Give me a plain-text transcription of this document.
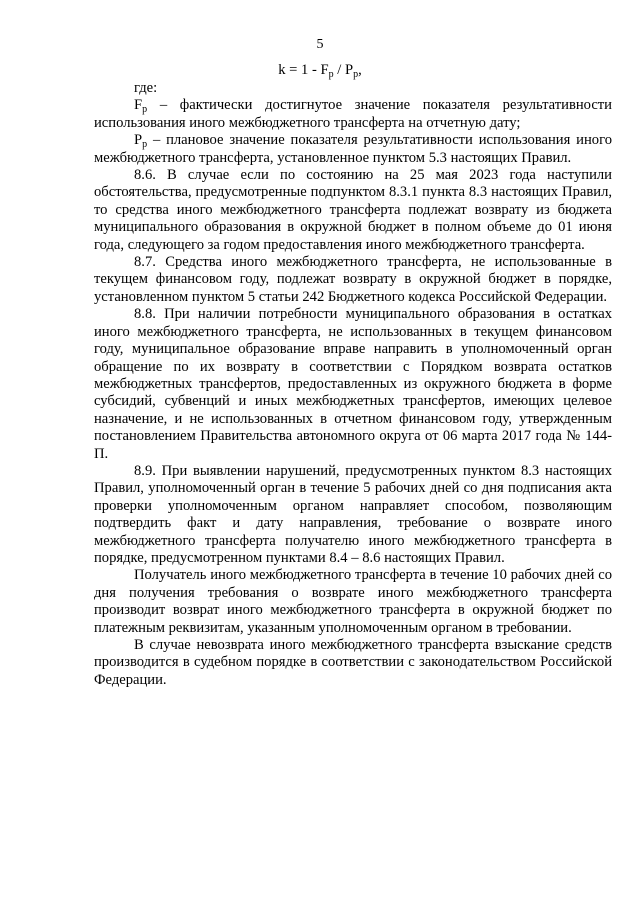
5
$k = 1 - F_р / P_р$,

где:

$F_р$ – фактически достигнутое значение показателя результативности использования иного межбюджетного трансферта на отчетную дату;

$P_р$ – плановое значение показателя результативности использования иного межбюджетного трансферта, установленное пунктом 5.3 настоящих Правил.

8.6. В случае если по состоянию на 25 мая 2023 года наступили обстоятельства, предусмотренные подпунктом 8.3.1 пункта 8.3 настоящих Правил, то средства иного межбюджетного трансферта подлежат возврату из бюджета муниципального образования в окружной бюджет в полном объеме до 01 июня года, следующего за годом предоставления иного межбюджетного трансферта.

8.7. Средства иного межбюджетного трансферта, не использованные в текущем финансовом году, подлежат возврату в окружной бюджет в порядке, установленном пунктом 5 статьи 242 Бюджетного кодекса Российской Федерации.

8.8. При наличии потребности муниципального образования в остатках иного межбюджетного трансферта, не использованных в текущем финансовом году, муниципальное образование вправе направить в уполномоченный орган обращение по их возврату в соответствии с Порядком возврата остатков межбюджетных трансфертов, предоставленных из окружного бюджета в форме субсидий, субвенций и иных межбюджетных трансфертов, имеющих целевое назначение, и не использованных в отчетном финансовом году, утвержденным постановлением Правительства автономного округа от 06 марта 2017 года № 144-П.

8.9. При выявлении нарушений, предусмотренных пунктом 8.3 настоящих Правил, уполномоченный орган в течение 5 рабочих дней со дня подписания акта проверки уполномоченным органом направляет способом, позволяющим подтвердить факт и дату направления, требование о возврате иного межбюджетного трансферта получателю иного межбюджетного трансферта в порядке, предусмотренном пунктами 8.4 – 8.6 настоящих Правил.

Получатель иного межбюджетного трансферта в течение 10 рабочих дней со дня получения требования о возврате иного межбюджетного трансферта производит возврат иного межбюджетного трансферта в окружной бюджет по платежным реквизитам, указанным уполномоченным органом в требовании.

В случае невозврата иного межбюджетного трансферта взыскание средств производится в судебном порядке в соответствии с законодательством Российской Федерации.
